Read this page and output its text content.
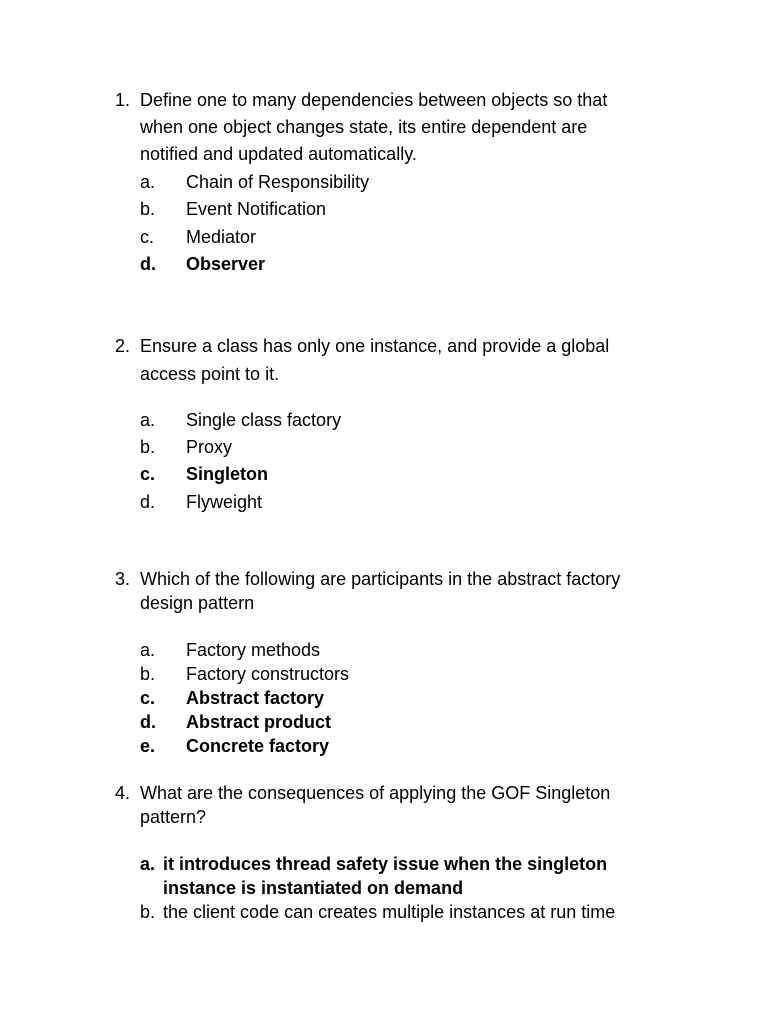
1. Define one to many dependencies between objects so that
when one object changes state, its entire dependent are
notified and updated automatically.
a. Chain of Responsibility
b. Event Notification
c. Mediator
d. Observer
2. Ensure a class has only one instance, and provide a global
access point to it.
a. Single class factory
b. Proxy
c. Singleton
d. Flyweight
3. Which of the following are participants in the abstract factory
design pattern
a. Factory methods
b. Factory constructors
c. Abstract factory
d. Abstract product
e. Concrete factory
4. What are the consequences of applying the GOF Singleton
pattern?
a. it introduces thread safety issue when the singleton
instance is instantiated on demand
b. the client code can creates multiple instances at run time
